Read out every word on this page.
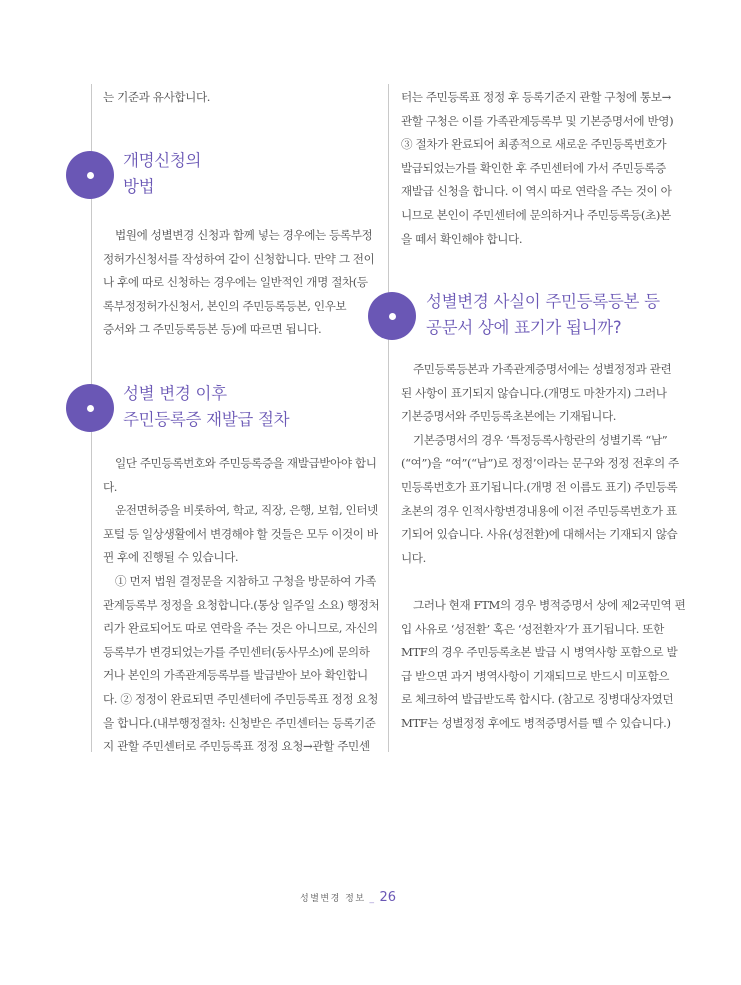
는 기준과 유사합니다.
개명신청의
방법
법원에 성별변경 신청과 함께 넣는 경우에는 등록부정
정허가신청서를 작성하여 같이 신청합니다. 만약 그 전이
나 후에 따로 신청하는 경우에는 일반적인 개명 절차(등
록부정정허가신청서, 본인의 주민등록등본, 인우보
증서와 그 주민등록등본 등)에 따르면 됩니다.
성별 변경 이후
주민등록증 재발급 절차
일단 주민등록번호와 주민등록증을 재발급받아야 합니
다.
운전면허증을 비롯하여, 학교, 직장, 은행, 보험, 인터넷
포털 등 일상생활에서 변경해야 할 것들은 모두 이것이 바
뀐 후에 진행될 수 있습니다.
① 먼저 법원 결정문을 지참하고 구청을 방문하여 가족
관계등록부 정정을 요청합니다.(통상 일주일 소요) 행정처
리가 완료되어도 따로 연락을 주는 것은 아니므로, 자신의
등록부가 변경되었는가를 주민센터(동사무소)에 문의하
거나 본인의 가족관계등록부를 발급받아 보아 확인합니
다. ② 정정이 완료되면 주민센터에 주민등록표 정정 요청
을 합니다.(내부행정절차: 신청받은 주민센터는 등록기준
지 관할 주민센터로 주민등록표 정정 요청→관할 주민센
터는 주민등록표 정정 후 등록기준지 관할 구청에 통보→
관할 구청은 이를 가족관계등록부 및 기본증명서에 반영)
③ 절차가 완료되어 최종적으로 새로운 주민등록번호가
발급되었는가를 확인한 후 주민센터에 가서 주민등록증
재발급 신청을 합니다. 이 역시 따로 연락을 주는 것이 아
니므로 본인이 주민센터에 문의하거나 주민등록등(초)본
을 떼서 확인해야 합니다.
성별변경 사실이 주민등록등본 등
공문서 상에 표기가 됩니까?
주민등록등본과 가족관계증명서에는 성별정정과 관련
된 사항이 표기되지 않습니다.(개명도 마찬가지) 그러나
기본증명서와 주민등록초본에는 기재됩니다.
기본증명서의 경우 ‘특정등록사항란의 성별기록 “남”
(“여”)을 “여”(“남”)로 정정’이라는 문구와 정정 전후의 주
민등록번호가 표기됩니다.(개명 전 이름도 표기) 주민등록
초본의 경우 인적사항변경내용에 이전 주민등록번호가 표
기되어 있습니다. 사유(성전환)에 대해서는 기재되지 않습
니다.
그러나 현재 FTM의 경우 병적증명서 상에 제2국민역 편
입 사유로 ‘성전환’ 혹은 ‘성전환자’가 표기됩니다. 또한
MTF의 경우 주민등록초본 발급 시 병역사항 포함으로 발
급 받으면 과거 병역사항이 기재되므로 반드시 미포함으
로 체크하여 발급받도록 합시다. (참고로 징병대상자였던
MTF는 성별정정 후에도 병적증명서를 뗄 수 있습니다.)
성별변경 정보 _ 26
